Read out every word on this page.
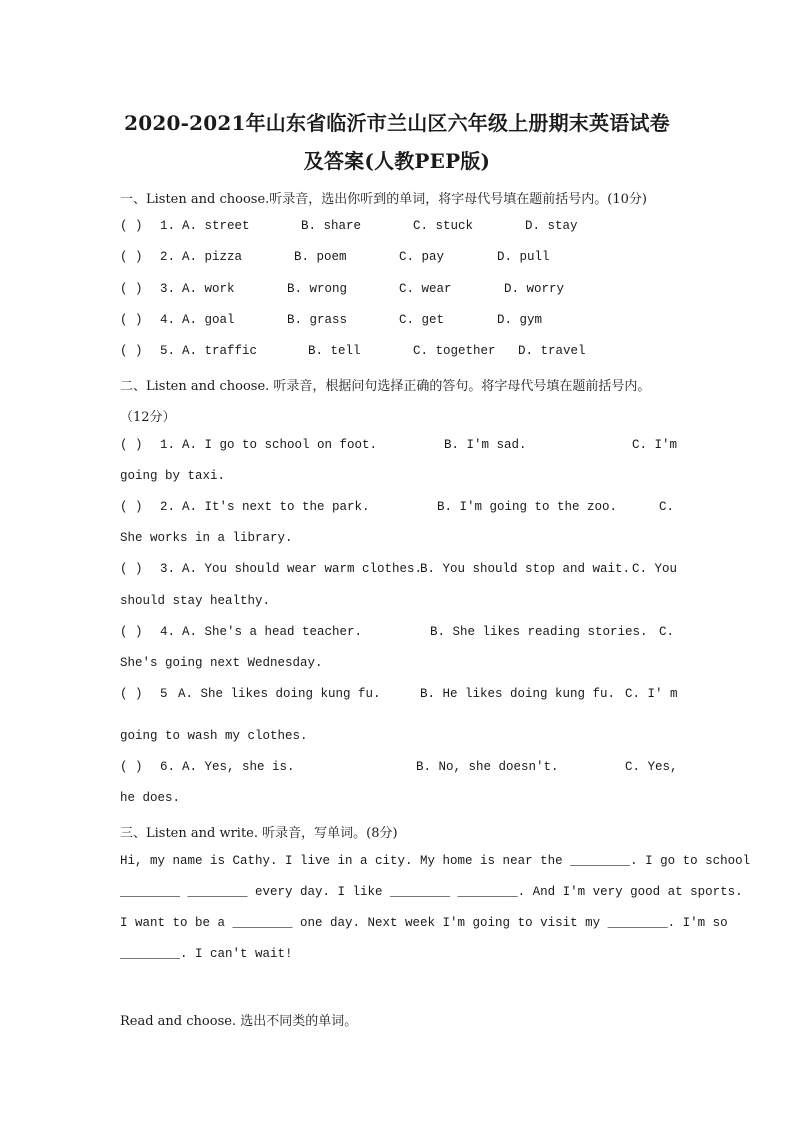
2020-2021年山东省临沂市兰山区六年级上册期末英语试卷
及答案(人教PEP版)
一、Listen and choose.听录音，选出你听到的单词，将字母代号填在题前括号内。(10分)
( ) 1. A. street	B. share	C. stuck	D. stay
( ) 2. A. pizza	B. poem	C. pay	D. pull
( ) 3. A. work	B. wrong	C. wear	D. worry
( ) 4. A. goal	B. grass	C. get	D. gym
( ) 5. A. traffic	B. tell	C. together D. travel
二、Listen and choose. 听录音，根据问句选择正确的答句。将字母代号填在题前括号内。
（12分）
( ) 1. A. I go to school on foot.	B. I'm sad.	C. I'm
going by taxi.
( ) 2. A. It's next to the park.	B. I'm going to the zoo.	C.
She works in a library.
( ) 3. A. You should wear warm clothes.
B. You should stop and wait. C. You
should stay healthy.
( ) 4. A. She's a head teacher.	B. She likes reading stories. C.
She's going next Wednesday.
( ) 5 A. She likes doing kung fu.	B. He likes doing kung fu. C. I' m
going to wash my clothes.
( ) 6. A. Yes, she is.	B. No, she doesn't.	C. Yes,
he does.
三、Listen and write. 听录音，写单词。(8分)
Hi, my name is Cathy. I live in a city. My home is near the ________. I go to school
________ ________ every day. I like ________ ________. And I'm very good at sports.
I want to be a ________ one day. Next week I'm going to visit my ________. I'm so
________. I can't wait!
Read and choose. 选出不同类的单词。
